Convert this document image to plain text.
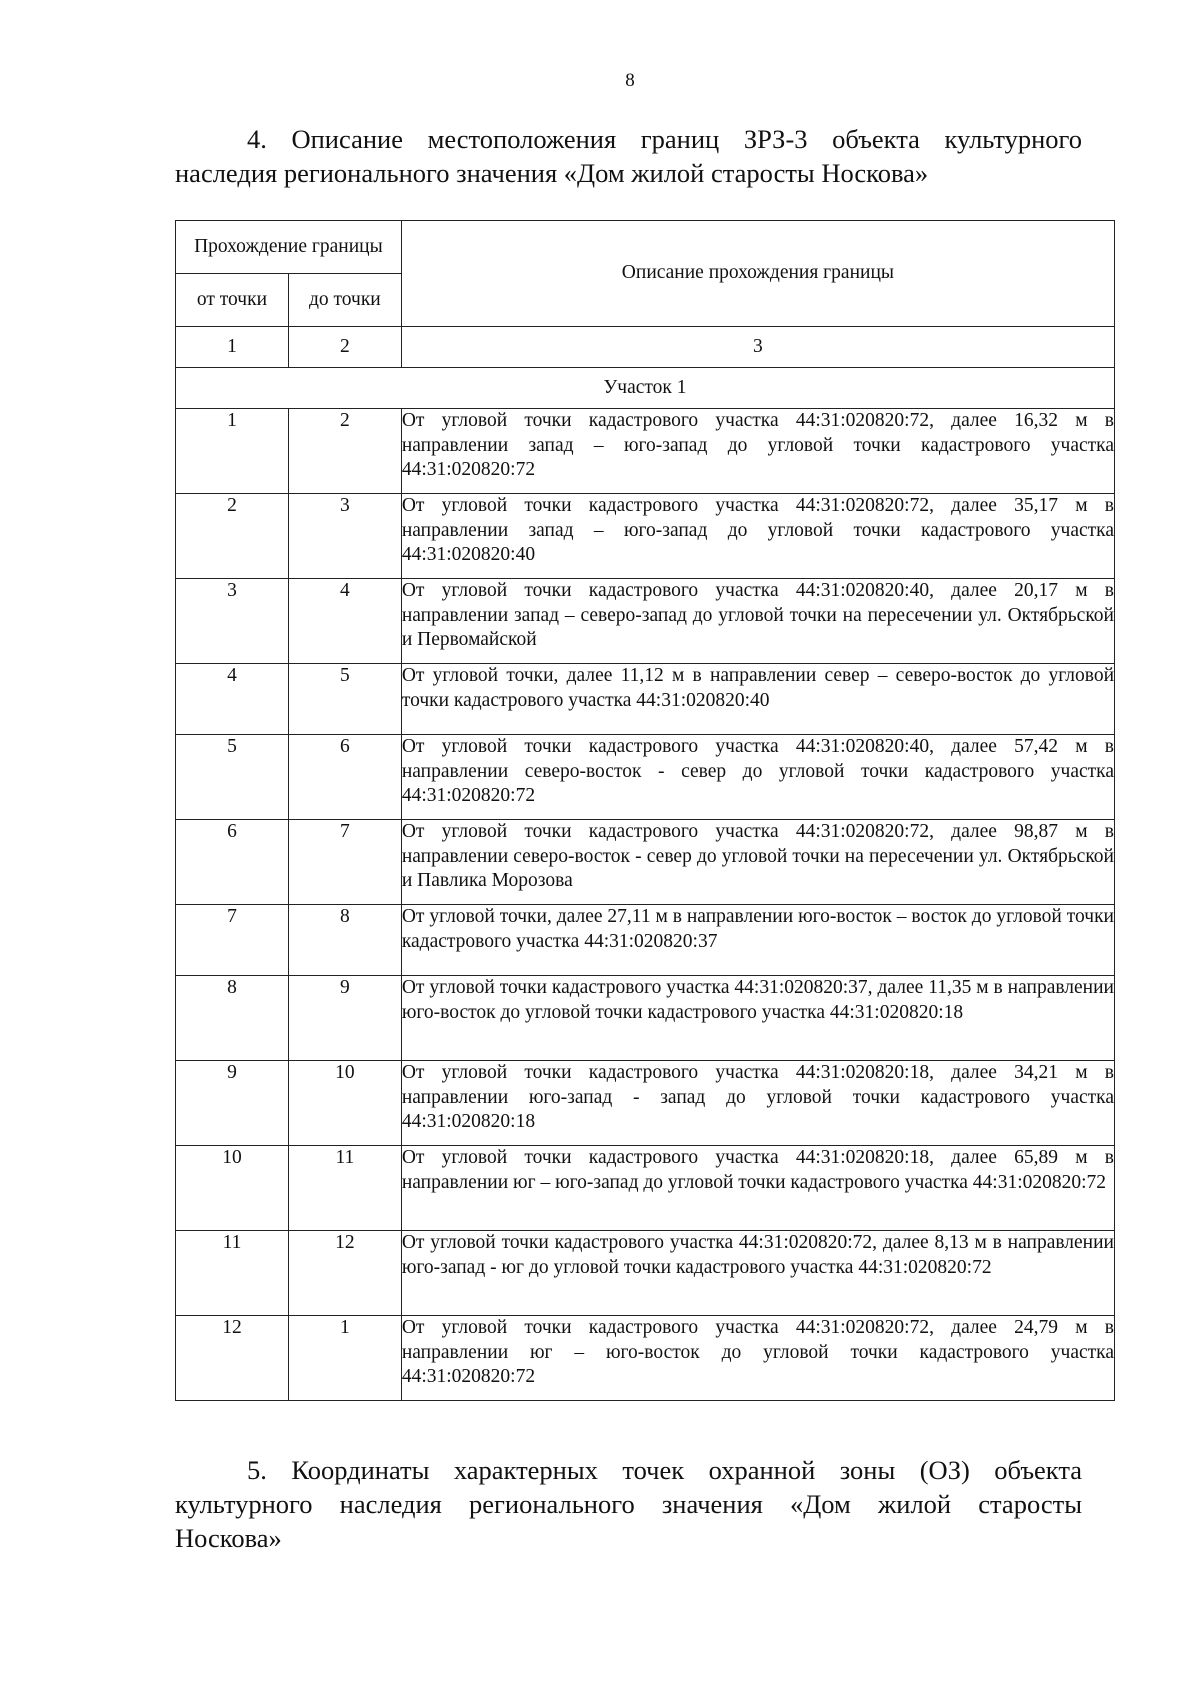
8
4. Описание местоположения границ ЗРЗ-3 объекта культурного
наследия регионального значения «Дом жилой старосты Носкова»
Прохождение границы		Описание прохождения границы
от точки	до точки	
1	2	3
Участок 1		
1	2	От угловой точки кадастрового участка 44:31:020820:72, далее 16,32 м в направлении запад – юго-запад до угловой точки кадастрового участка 44:31:020820:72
2	3	От угловой точки кадастрового участка 44:31:020820:72, далее 35,17 м в направлении запад – юго-запад до угловой точки кадастрового участка 44:31:020820:40
3	4	От угловой точки кадастрового участка 44:31:020820:40, далее 20,17 м в направлении запад – северо-запад до угловой точки на пересечении ул. Октябрьской и Первомайской
4	5	От угловой точки, далее 11,12 м в направлении север – северо-восток до угловой точки кадастрового участка 44:31:020820:40
5	6	От угловой точки кадастрового участка 44:31:020820:40, далее 57,42 м в направлении северо-восток - север до угловой точки кадастрового участка 44:31:020820:72
6	7	От угловой точки кадастрового участка 44:31:020820:72, далее 98,87 м в направлении северо-восток - север до угловой точки на пересечении ул. Октябрьской и Павлика Морозова
7	8	От угловой точки, далее 27,11 м в направлении юго-восток – восток до угловой точки кадастрового участка 44:31:020820:37
8	9	От угловой точки кадастрового участка 44:31:020820:37, далее 11,35 м в направлении юго-восток до угловой точки кадастрового участка 44:31:020820:18
9	10	От угловой точки кадастрового участка 44:31:020820:18, далее 34,21 м в направлении юго-запад - запад до угловой точки кадастрового участка 44:31:020820:18
10	11	От угловой точки кадастрового участка 44:31:020820:18, далее 65,89 м в направлении юг – юго-запад до угловой точки кадастрового участка 44:31:020820:72
11	12	От угловой точки кадастрового участка 44:31:020820:72, далее 8,13 м в направлении юго-запад - юг до угловой точки кадастрового участка 44:31:020820:72
12	1	От угловой точки кадастрового участка 44:31:020820:72, далее 24,79 м в направлении юг – юго-восток до угловой точки кадастрового участка 44:31:020820:72
5. Координаты характерных точек охранной зоны (ОЗ) объекта
культурного наследия регионального значения «Дом жилой старосты
Носкова»
